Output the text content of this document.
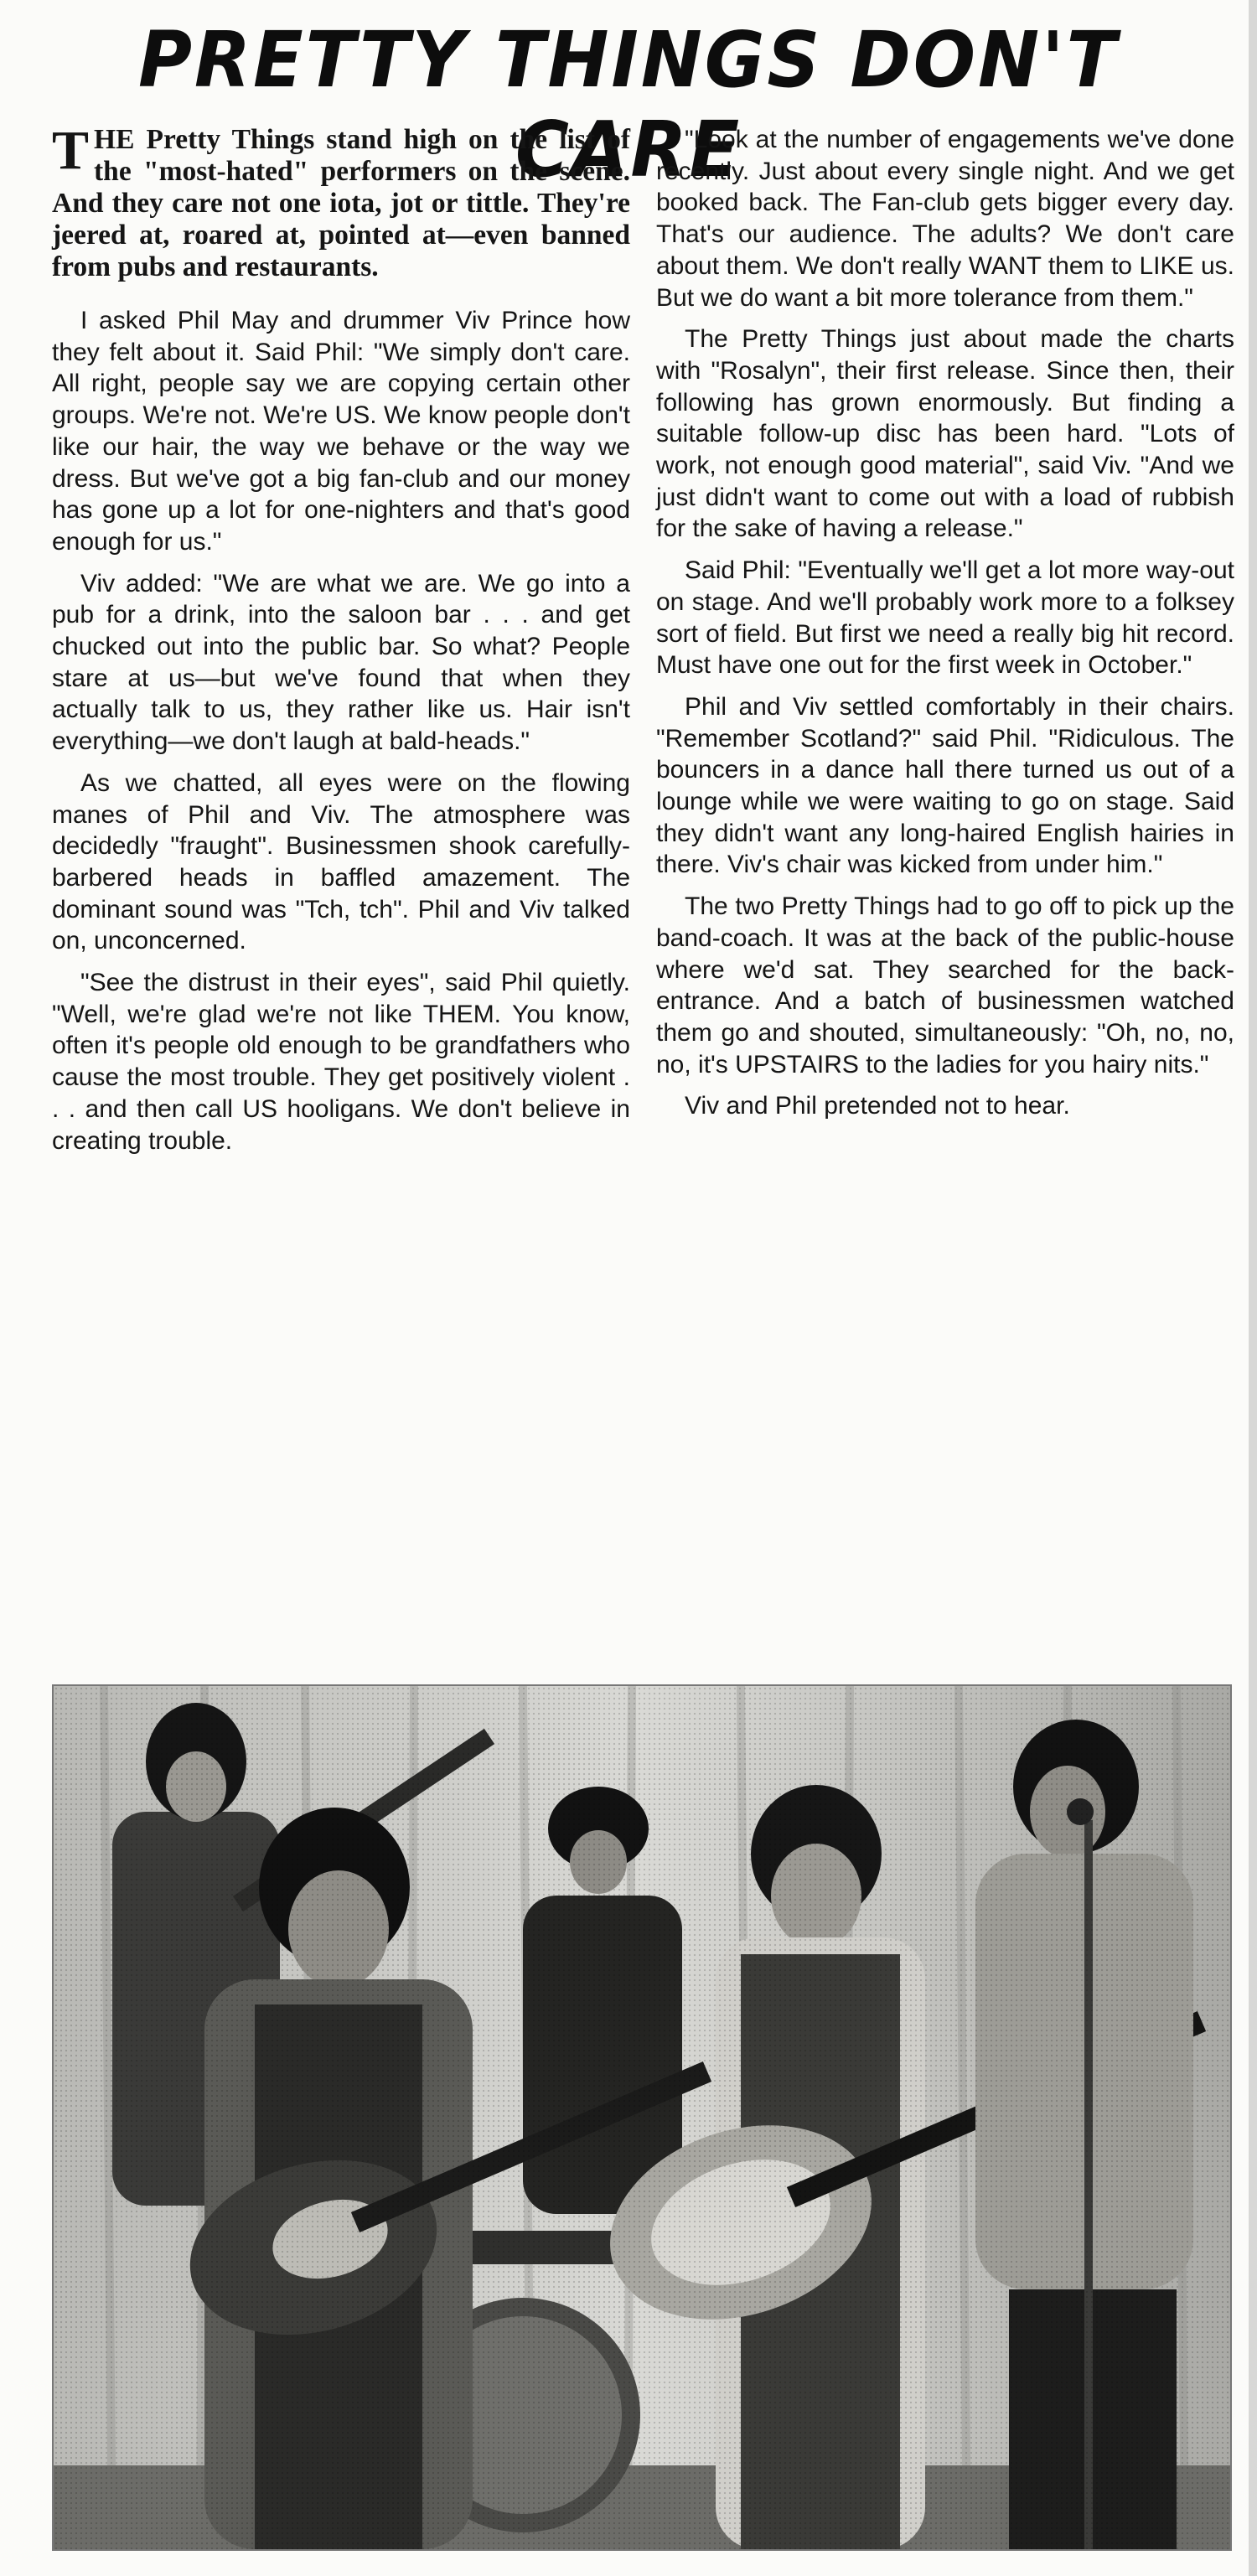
PRETTY THINGS DON'T CARE

THE Pretty Things stand high on the list of the "most-hated" performers on the scene. And they care not one iota, jot or tittle. They're jeered at, roared at, pointed at—even banned from pubs and restaurants.

I asked Phil May and drummer Viv Prince how they felt about it. Said Phil: "We simply don't care. All right, people say we are copying certain other groups. We're not. We're US. We know people don't like our hair, the way we behave or the way we dress. But we've got a big fan-club and our money has gone up a lot for one-nighters and that's good enough for us."

Viv added: "We are what we are. We go into a pub for a drink, into the saloon bar . . . and get chucked out into the public bar. So what? People stare at us—but we've found that when they actually talk to us, they rather like us. Hair isn't everything—we don't laugh at bald-heads."

As we chatted, all eyes were on the flowing manes of Phil and Viv. The atmosphere was decidedly "fraught". Businessmen shook carefully-barbered heads in baffled amazement. The dominant sound was "Tch, tch". Phil and Viv talked on, unconcerned.

"See the distrust in their eyes", said Phil quietly. "Well, we're glad we're not like THEM. You know, often it's people old enough to be grandfathers who cause the most trouble. They get positively violent . . . and then call US hooligans. We don't believe in creating trouble.

"Look at the number of engagements we've done recently. Just about every single night. And we get booked back. The Fan-club gets bigger every day. That's our audience. The adults? We don't care about them. We don't really WANT them to LIKE us. But we do want a bit more tolerance from them."

The Pretty Things just about made the charts with "Rosalyn", their first release. Since then, their following has grown enormously. But finding a suitable follow-up disc has been hard. "Lots of work, not enough good material", said Viv. "And we just didn't want to come out with a load of rubbish for the sake of having a release."

Said Phil: "Eventually we'll get a lot more way-out on stage. And we'll probably work more to a folksey sort of field. But first we need a really big hit record. Must have one out for the first week in October."

Phil and Viv settled comfortably in their chairs. "Remember Scotland?" said Phil. "Ridiculous. The bouncers in a dance hall there turned us out of a lounge while we were waiting to go on stage. Said they didn't want any long-haired English hairies in there. Viv's chair was kicked from under him."

The two Pretty Things had to go off to pick up the band-coach. It was at the back of the public-house where we'd sat. They searched for the back-entrance. And a batch of businessmen watched them go and shouted, simultaneously: "Oh, no, no, no, it's UPSTAIRS to the ladies for you hairy nits."

Viv and Phil pretended not to hear.
